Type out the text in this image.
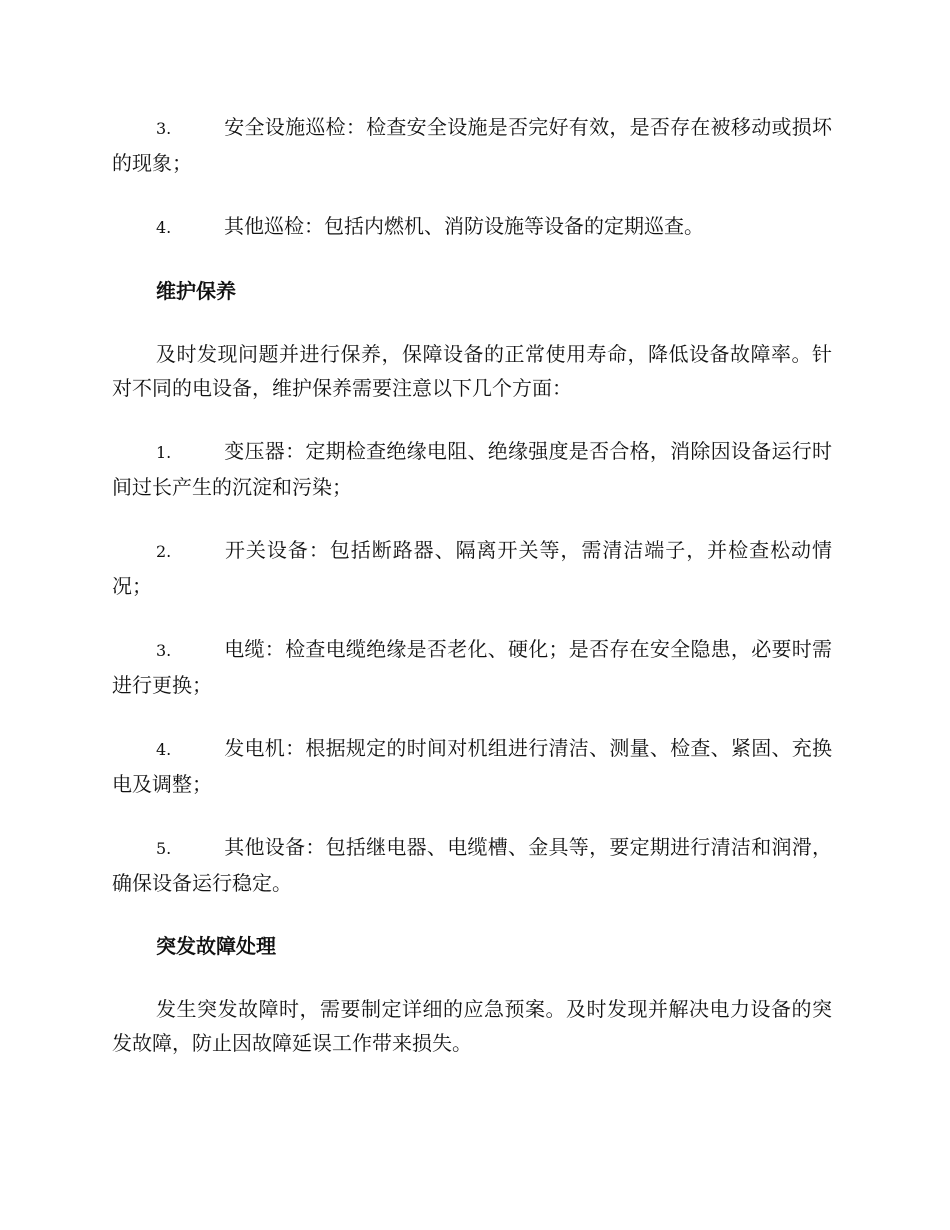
3.	安全设施巡检：检查安全设施是否完好有效，是否存在被移动或损坏的现象；
4.	其他巡检：包括内燃机、消防设施等设备的定期巡查。
维护保养

及时发现问题并进行保养，保障设备的正常使用寿命，降低设备故障率。针对不同的电设备，维护保养需要注意以下几个方面：

1.	变压器：定期检查绝缘电阻、绝缘强度是否合格，消除因设备运行时间过长产生的沉淀和污染；
2.	开关设备：包括断路器、隔离开关等，需清洁端子，并检查松动情况；
3.	电缆：检查电缆绝缘是否老化、硬化；是否存在安全隐患，必要时需进行更换；
4.	发电机：根据规定的时间对机组进行清洁、测量、检查、紧固、充换电及调整；
5.	其他设备：包括继电器、电缆槽、金具等，要定期进行清洁和润滑，确保设备运行稳定。
突发故障处理

发生突发故障时，需要制定详细的应急预案。及时发现并解决电力设备的突发故障，防止因故障延误工作带来损失。
